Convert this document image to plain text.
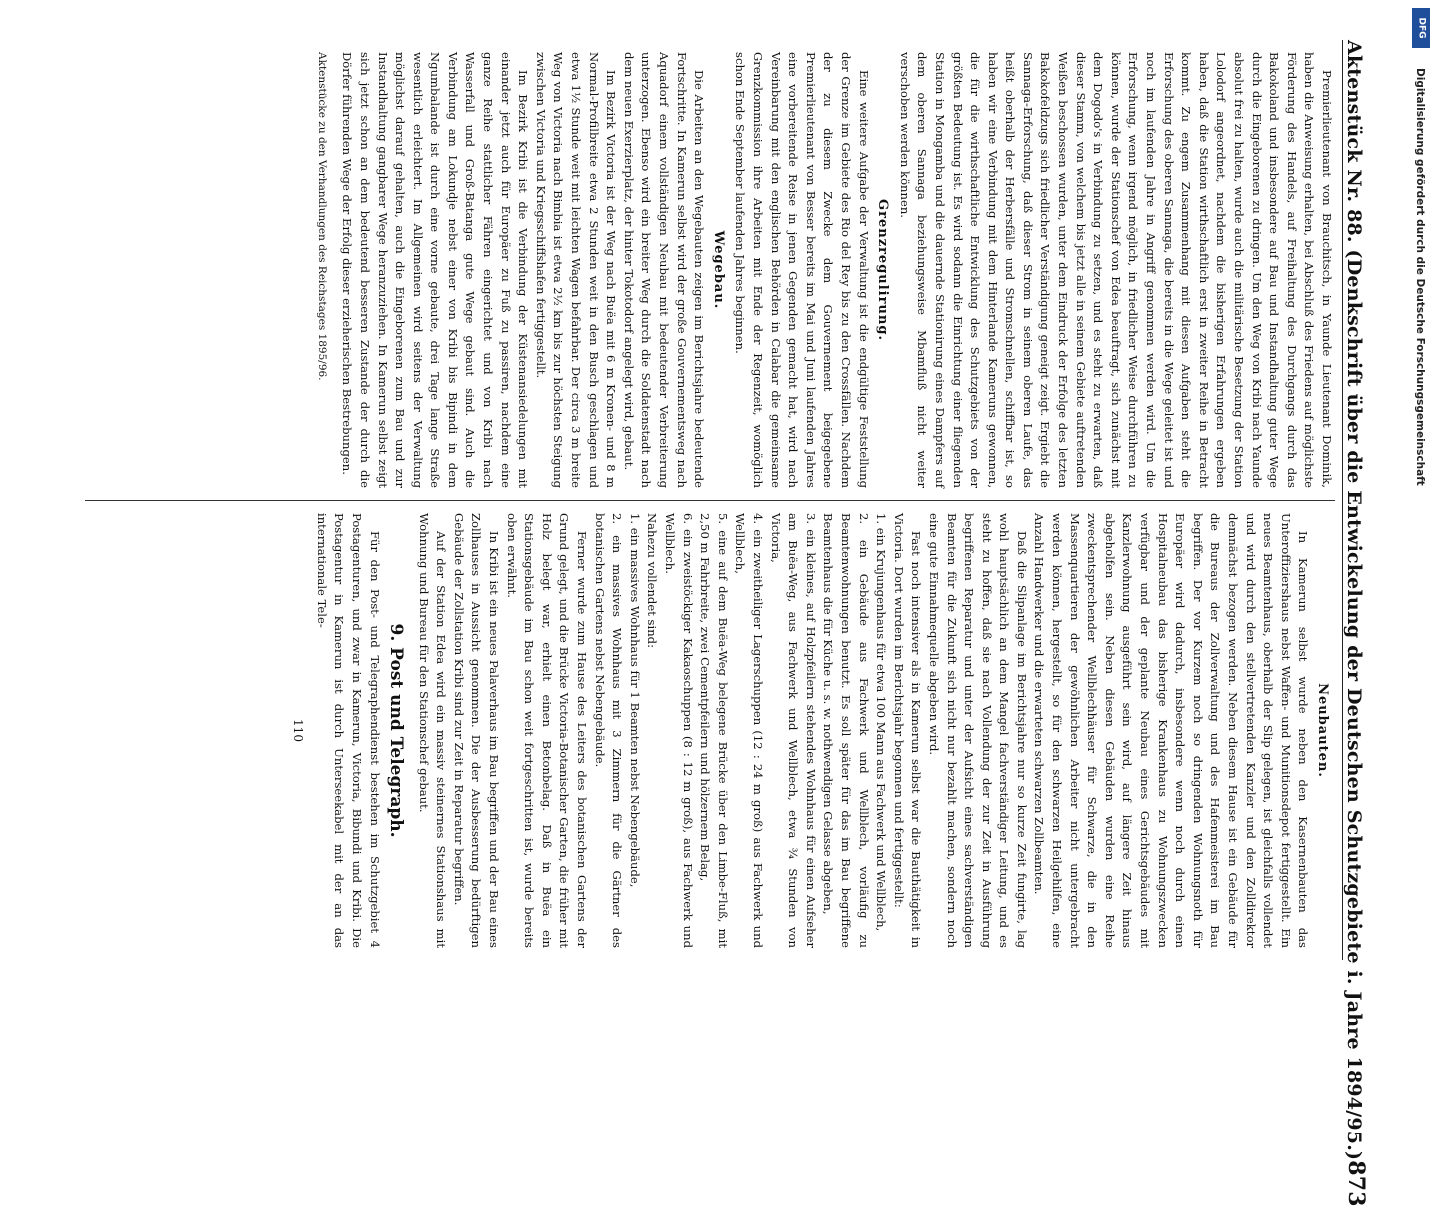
Aktenstück Nr. 88. (Denkschrift über die Entwickelung der Deutschen Schutzgebiete i. Jahre 1894/95.)
873

Premierlieutenant von Brauchitsch, in Yaunde Lieutenant Dominik, haben die Anweisung erhalten, bei Abschluß des Friedens auf möglichste Förderung des Handels, auf Freihaltung des Durchgangs durch das Bakokoland und insbesondere auf Bau und Instandhaltung guter Wege durch die Eingeborenen zu dringen. Um den Weg von Kribi nach Yaunde absolut frei zu halten, wurde auch die militärische Besetzung der Station Lolodorf angeordnet, nachdem die bisherigen Erfahrungen ergeben haben, daß die Station wirthschaftlich erst in zweiter Reihe in Betracht kommt. Zu engem Zusammenhang mit diesen Aufgaben steht die Erforschung des oberen Sannaga, die bereits in die Wege geleitet ist und noch im laufenden Jahre in Angriff genommen werden wird. Um die Erforschung, wenn irgend möglich, in friedlicher Weise durchführen zu können, wurde der Stationschef von Edea beauftragt, sich zunächst mit dem Dogodo's in Verbindung zu setzen, und es steht zu erwarten, daß dieser Stamm, von welchem bis jetzt alle in seinem Gebiete auftretenden Weißen beschossen wurden, unter dem Eindruck der Erfolge des letzten Bakokofeldzugs sich friedlicher Verständigung geneigt zeigt. Ergiebt die Sannaga-Erforschung, daß dieser Strom in seinem oberen Laufe, das heißt oberhalb der Herbersfälle und Stromschnellen, schiffbar ist, so haben wir eine Verbindung mit dem Hinterlande Kameruns gewonnen, die für die wirthschaftliche Entwicklung des Schutzgebiets von der größten Bedeutung ist. Es wird sodann die Einrichtung einer fliegenden Station in Mongamba und die dauernde Stationirung eines Dampfers auf dem oberen Sannaga beziehungsweise Mbamfluß nicht weiter verschoben werden können.

Grenzregulirung.

Eine weitere Aufgabe der Verwaltung ist die endgültige Feststellung der Grenze im Gebiete des Rio del Rey bis zu den Crossfällen. Nachdem der zu diesem Zwecke dem Gouvernement beigegebene Premierlieutenant von Besser bereits im Mai und Juni laufenden Jahres eine vorbereitende Reise in jenen Gegenden gemacht hat, wird nach Vereinbarung mit den englischen Behörden in Calabar die gemeinsame Grenzkommission ihre Arbeiten mit Ende der Regenzeit, womöglich schon Ende September laufenden Jahres beginnen.

Wegebau.

Die Arbeiten an den Wegebauten zeigen im Berichtsjahre bedeutende Fortschritte. In Kamerun selbst wird der große Gouvernementsweg nach Aquadorf einem vollständigen Neubau mit bedeutender Verbreiterung unterzogen. Ebenso wird ein breiter Weg durch die Soldatenstadt nach dem neuen Exerzierplatz, der hinter Tokotodorf angelegt wird, gebaut.

Im Bezirk Victoria ist der Weg nach Buëa mit 6 m Kronen- und 8 m Normal-Profilbreite etwa 2 Stunden weit in den Busch geschlagen und etwa 1½ Stunde weit mit leichten Wagen befahrbar. Der circa 3 m breite Weg von Victoria nach Bimbia ist etwa 2½ km bis zur höchsten Steigung zwischen Victoria und Kriegsschiffshafen fertiggestellt.

Im Bezirk Kribi ist die Verbindung der Küstenansiedelungen mit einander jetzt auch für Europäer zu Fuß zu passiren, nachdem eine ganze Reihe stattlicher Fähren eingerichtet und von Kribi nach Wasserfall und Groß-Batanga gute Wege gebaut sind. Auch die Verbindung am Lokundje nebst einer von Kribi bis Bipindi in dem Ngumbalande ist durch eine vorne gebaute, drei Tage lange Straße wesentlich erleichtert. Im Allgemeinen wird seitens der Verwaltung möglichst darauf gehalten, auch die Eingeborenen zum Bau und zur Instandhaltung gangbarer Wege heranzuziehen. In Kamerun selbst zeigt sich jetzt schon an dem bedeutend besseren Zustande der durch die Dörfer führenden Wege der Erfolg dieser erzieherischen Bestrebungen.

Aktenstücke zu den Verhandlungen des Reichstages 1895/96.
Neubauten.

In Kamerun selbst wurde neben den Kasernenbauten das Unteroffiziershaus nebst Waffen- und Munitionsdepot fertiggestellt. Ein neues Beamtenhaus, oberhalb der Slip gelegen, ist gleichfalls vollendet und wird durch den stellvertretenden Kanzler und den Zolldirektor demnächst bezogen werden. Neben diesem Hause ist ein Gebäude für die Bureaus der Zollverwaltung und des Hafenmeisterei im Bau begriffen. Der vor Kurzem noch so dringenden Wohnungsnoth für Europäer wird dadurch, insbesondere wenn noch durch einen Hospitalneubau das bisherige Krankenhaus zu Wohnungszwecken verfügbar und der geplante Neubau eines Gerichtsgebäudes mit Kanzlerwohnung ausgeführt sein wird, auf längere Zeit hinaus abgeholfen sein. Neben diesen Gebäuden wurden eine Reihe zweckentsprechender Wellblechhäuser für Schwarze, die in den Massenquartieren der gewöhnlichen Arbeiter nicht untergebracht werden können, hergestellt, so für den schwarzen Heilgehilfen, eine Anzahl Handwerker und die erwarteten schwarzen Zollbeamten.

Daß die Slipanlage im Berichtsjahre nur so kurze Zeit fungirte, lag wohl hauptsächlich an dem Mangel fachverständiger Leitung, und es steht zu hoffen, daß sie nach Vollendung der zur Zeit in Ausführung begriffenen Reparatur und unter der Aufsicht eines sachverständigen Beamten für die Zukunft sich nicht nur bezahlt machen, sondern noch eine gute Einnahmequelle abgeben wird.

Fast noch intensiver als in Kamerun selbst war die Bauthätigkeit in Victoria. Dort wurden im Berichtsjahr begonnen und fertiggestellt:

1. ein Krujungenhaus für etwa 100 Mann aus Fachwerk und Wellblech,

2. ein Gebäude aus Fachwerk und Wellblech, vorläufig zu Beamtenwohnungen benutzt. Es soll später für das im Bau begriffene Beamtenhaus die für Küche u. s. w. nothwendigen Gelasse abgeben,

3. ein kleines, auf Holzpfeilern stehendes Wohnhaus für einen Aufseher am Buëa-Weg, aus Fachwerk und Wellblech, etwa ¾ Stunden von Victoria,

4. ein zweitheiliger Lagerschuppen (12 : 24 m groß) aus Fachwerk und Wellblech,

5. eine auf dem Buëa-Weg belegene Brücke über den Limbe-Fluß, mit 2,50 m Fahrbreite, zwei Cementpfeilern und hölzernem Belag,

6. ein zweistöckiger Kakaoschuppen (8 : 12 m groß), aus Fachwerk und Wellblech.

Nahezu vollendet sind:

1. ein massives Wohnhaus für 1 Beamten nebst Nebengebäude,

2. ein massives Wohnhaus mit 3 Zimmern für die Gärtner des botanischen Gartens nebst Nebengebäude.

Ferner wurde zum Hause des Leiters des botanischen Gartens der Grund gelegt, und die Brücke Victoria-Botanischer Garten, die früher mit Holz belegt war, erhielt einen Betonbelag. Daß in Buëa ein Stationsgebäude im Bau schon weit fortgeschritten ist, wurde bereits oben erwähnt.

In Kribi ist ein neues Palaverhaus im Bau begriffen und der Bau eines Zollhauses in Aussicht genommen. Die der Ausbesserung bedürftigen Gebäude der Zollstation Kribi sind zur Zeit in Reparatur begriffen.

Auf der Station Edea wird ein massiv steinernes Stationshaus mit Wohnung und Bureau für den Stationschef gebaut.

9. Post und Telegraph.

Für den Post- und Telegraphendienst bestehen im Schutzgebiet 4 Postagenturen, und zwar in Kamerun, Victoria, Bibundi und Kribi. Die Postagentur in Kamerun ist durch Unterseekabel mit der an das internationale Tele-

110
Digitalisierung gefördert durch die Deutsche Forschungsgemeinschaft
DFG
